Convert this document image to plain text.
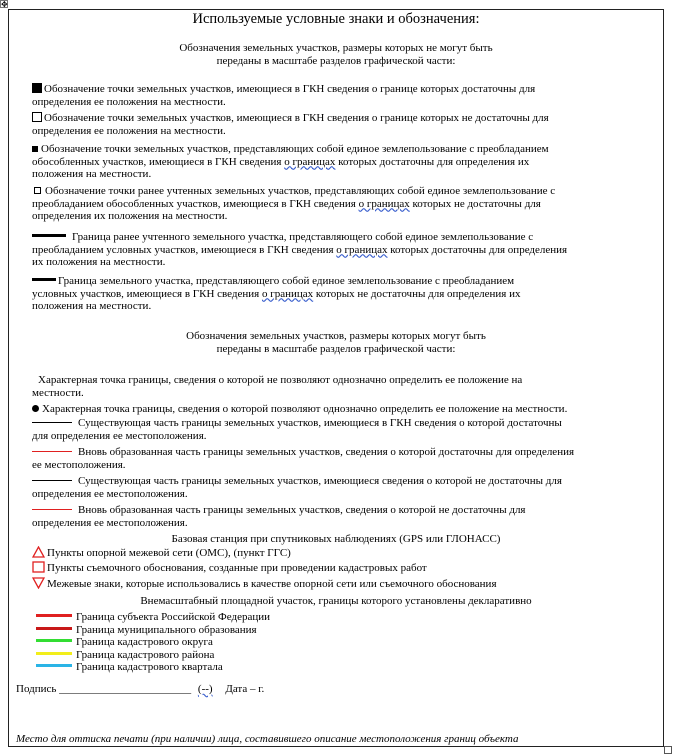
✥
Используемые условные знаки и обозначения:
Обозначения земельных участков, размеры которых не могут быть
переданы в масштабе разделов графической части:
Обозначение точки земельных участков, имеющиеся в ГКН сведения о границе которых достаточны для
определения ее положения на местности.
Обозначение точки земельных участков, имеющиеся в ГКН сведения о границе которых не достаточны для
определения ее положения на местности.
Обозначение точки земельных участков, представляющих собой единое землепользование с преобладанием
обособленных участков, имеющиеся в ГКН сведения о границах которых достаточны для определения их
положения на местности.
Обозначение точки ранее учтенных земельных участков, представляющих собой единое землепользование с
преобладанием обособленных участков, имеющиеся в ГКН сведения о границах которых не достаточны для
определения их положения на местности.
Граница ранее учтенного земельного участка, представляющего собой единое землепользование с
преобладанием условных участков, имеющиеся в ГКН сведения о границах которых достаточны для определения
их положения на местности.
Граница земельного участка, представляющего собой единое землепользование с преобладанием
условных участков, имеющиеся в ГКН сведения о границах которых не достаточны для определения их
положения на местности.
Обозначения земельных участков, размеры которых могут быть
переданы в масштабе разделов графической части:
Характерная точка границы, сведения о которой не позволяют однозначно определить ее положение на
местности.
Характерная точка границы, сведения о которой позволяют однозначно определить ее положение на местности.
Существующая часть границы земельных участков, имеющиеся в ГКН сведения о которой достаточны
для определения ее местоположения.
Вновь образованная часть границы земельных участков, сведения о которой достаточны для определения
ее местоположения.
Существующая часть границы земельных участков, имеющиеся сведения о которой не достаточны для
определения ее местоположения.
Вновь образованная часть границы земельных участков, сведения о которой не достаточны для
определения ее местоположения.
Базовая станция при спутниковых наблюдениях (GPS или ГЛОНАСС)
Пункты опорной межевой сети (ОМС), (пункт ГГС)
Пункты съемочного обоснования, созданные при проведении кадастровых работ
Межевые знаки, которые использовались в качестве опорной сети или съемочного обоснования
Внемасштабный площадной участок, границы которого установлены декларативно
Граница субъекта Российской Федерации
Граница муниципального образования
Граница кадастрового округа
Граница кадастрового района
Граница кадастрового квартала
Подпись ________________________ (--) Дата – г.
Место для оттиска печати (при наличии) лица, составившего описание местоположения границ объекта
